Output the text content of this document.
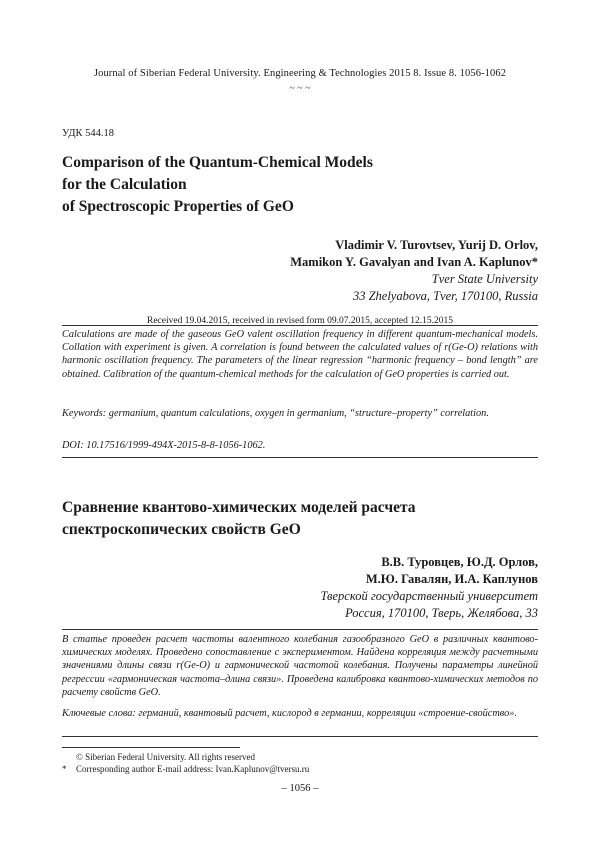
Journal of Siberian Federal University. Engineering & Technologies 2015 8. Issue 8. 1056-1062
~ ~ ~
УДК 544.18
Comparison of the Quantum-Chemical Models
for the Calculation
of Spectroscopic Properties of GeO
Vladimir V. Turovtsev, Yurij D. Orlov,
Mamikon Y. Gavalyan and Ivan A. Kaplunov*
Tver State University
33 Zhelyabova, Tver, 170100, Russia
Received 19.04.2015, received in revised form 09.07.2015, accepted 12.15.2015

Calculations are made of the gaseous GeO valent oscillation frequency in different quantum-mechanical models. Collation with experiment is given. A correlation is found between the calculated values of r(Ge-O) relations with harmonic oscillation frequency. The parameters of the linear regression “harmonic frequency – bond length” are obtained. Calibration of the quantum-chemical methods for the calculation of GeO properties is carried out.

Keywords: germanium, quantum calculations, oxygen in germanium, “structure–property” correlation.

DOI: 10.17516/1999-494X-2015-8-8-1056-1062.
Сравнение квантово-химических моделей расчета
спектроскопических свойств GeO
В.В. Туровцев, Ю.Д. Орлов,
М.Ю. Гавалян, И.А. Каплунов
Тверской государственный университет
Россия, 170100, Тверь, Желябова, 33

В статье проведен расчет частоты валентного колебания газообразного GeO в различных квантово-химических моделях. Проведено сопоставление с экспериментом. Найдена корреляция между расчетными значениями длины связи r(Ge-O) и гармонической частотой колебания. Получены параметры линейной регрессии «гармоническая частота–длина связи». Проведена калибровка квантово-химических методов по расчету свойств GeO.

Ключевые слова: германий, квантовый расчет, кислород в германии, корреляции «строение-свойство».

© Siberian Federal University. All rights reserved
* Corresponding author E-mail address: Ivan.Kaplunov@tversu.ru
– 1056 –
